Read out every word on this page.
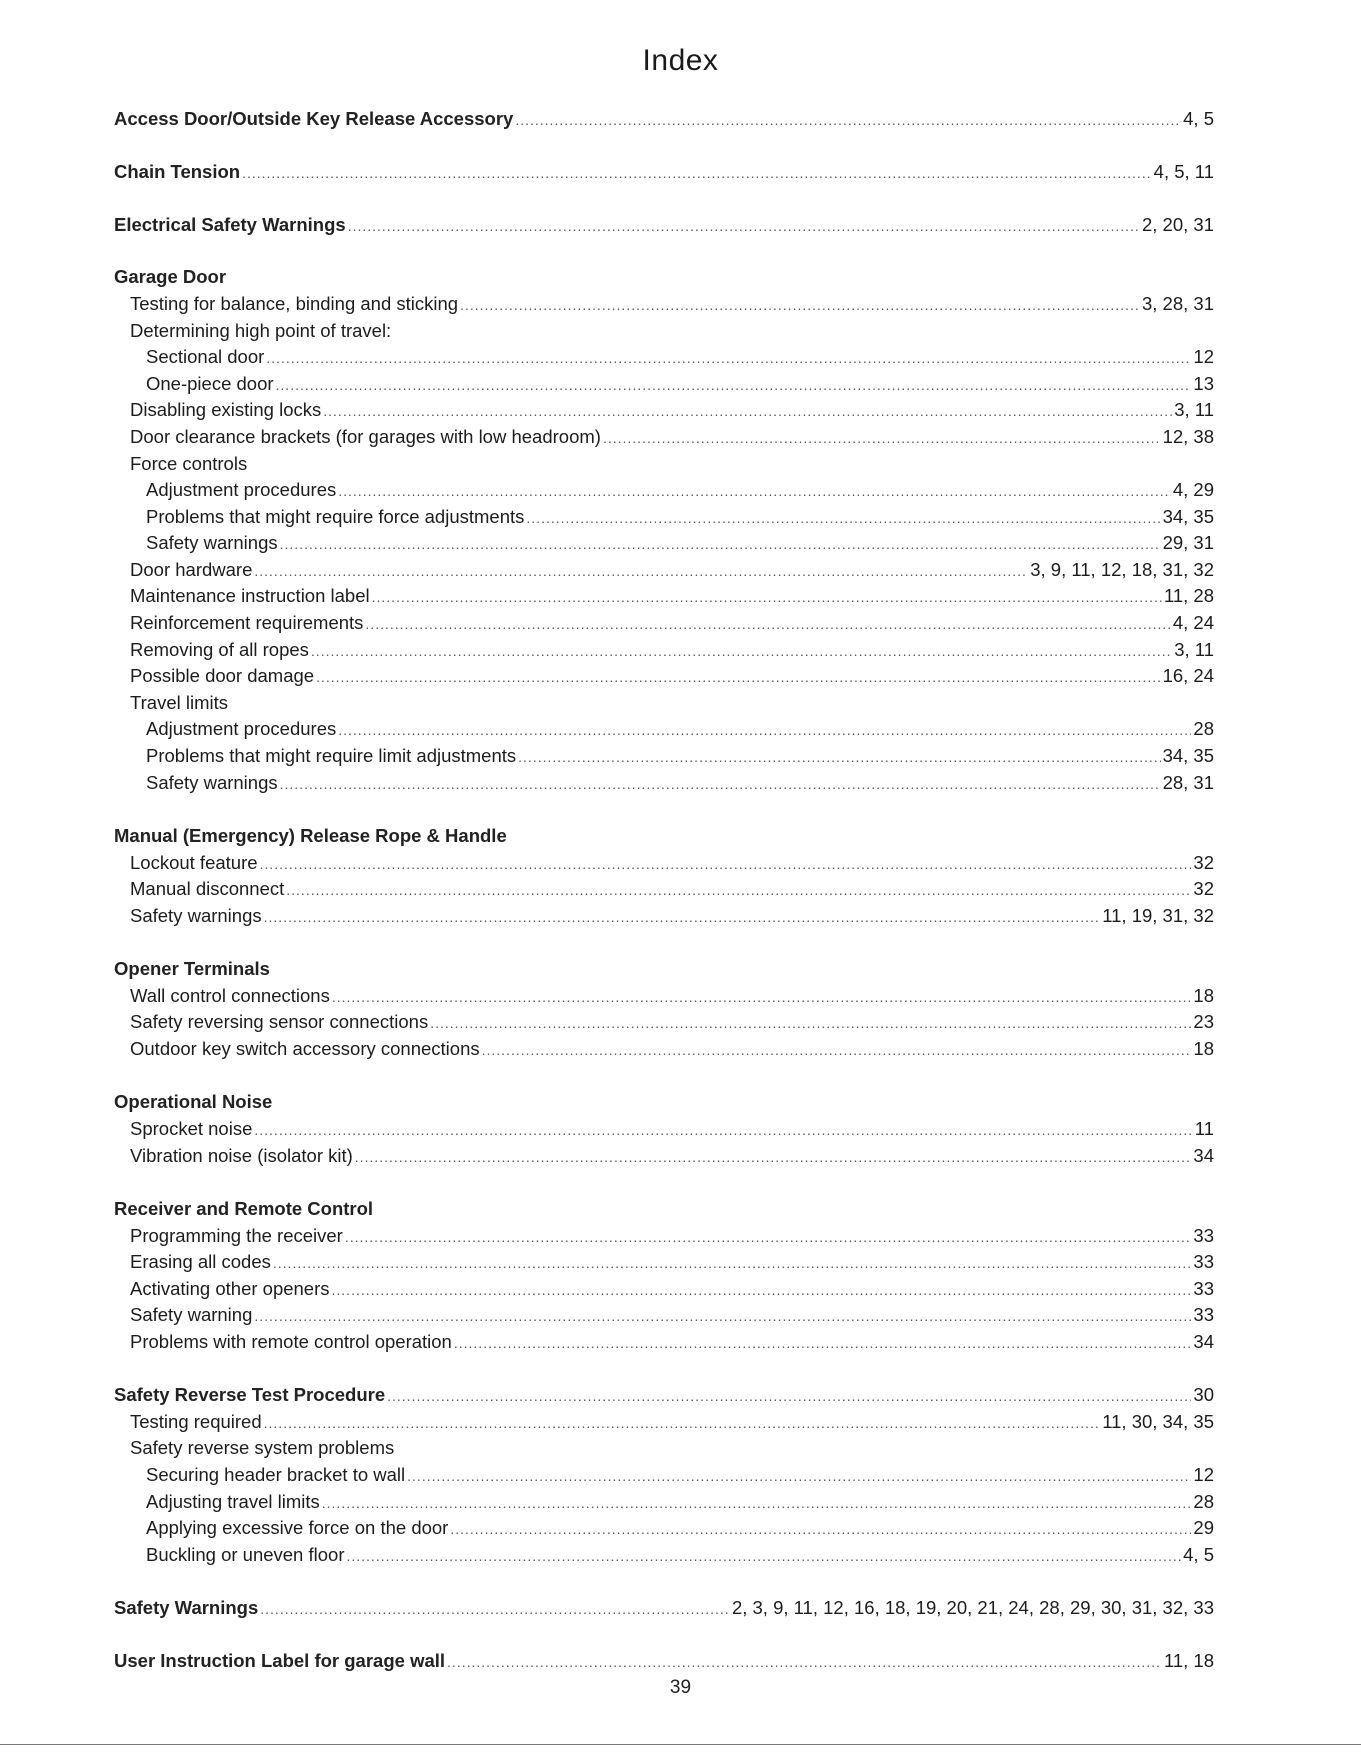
Index
Access Door/Outside Key Release Accessory .....	4, 5
Chain Tension .....	4, 5, 11
Electrical Safety Warnings .....	2, 20, 31
Garage Door
Testing for balance, binding and sticking .....	3, 28, 31
Determining high point of travel:
Sectional door .....	12
One-piece door .....	13
Disabling existing locks .....	3, 11
Door clearance brackets (for garages with low headroom) .....	12, 38
Force controls
Adjustment procedures .....	4, 29
Problems that might require force adjustments .....	34, 35
Safety warnings .....	29, 31
Door hardware .....	3, 9, 11, 12, 18, 31, 32
Maintenance instruction label .....	11, 28
Reinforcement requirements .....	4, 24
Removing of all ropes .....	3, 11
Possible door damage .....	16, 24
Travel limits
Adjustment procedures .....	28
Problems that might require limit adjustments .....	34, 35
Safety warnings .....	28, 31
Manual (Emergency) Release Rope & Handle
Lockout feature .....	32
Manual disconnect .....	32
Safety warnings .....	11, 19, 31, 32
Opener Terminals
Wall control connections .....	18
Safety reversing sensor connections .....	23
Outdoor key switch accessory connections .....	18
Operational Noise
Sprocket noise .....	11
Vibration noise (isolator kit) .....	34
Receiver and Remote Control
Programming the receiver .....	33
Erasing all codes .....	33
Activating other openers .....	33
Safety warning .....	33
Problems with remote control operation .....	34
Safety Reverse Test Procedure .....	30
Testing required .....	11, 30, 34, 35
Safety reverse system problems
Securing header bracket to wall .....	12
Adjusting travel limits .....	28
Applying excessive force on the door .....	29
Buckling or uneven floor .....	4, 5
Safety Warnings .....	2, 3, 9, 11, 12, 16, 18, 19, 20, 21, 24, 28, 29, 30, 31, 32, 33
User Instruction Label for garage wall .....	11, 18
39
